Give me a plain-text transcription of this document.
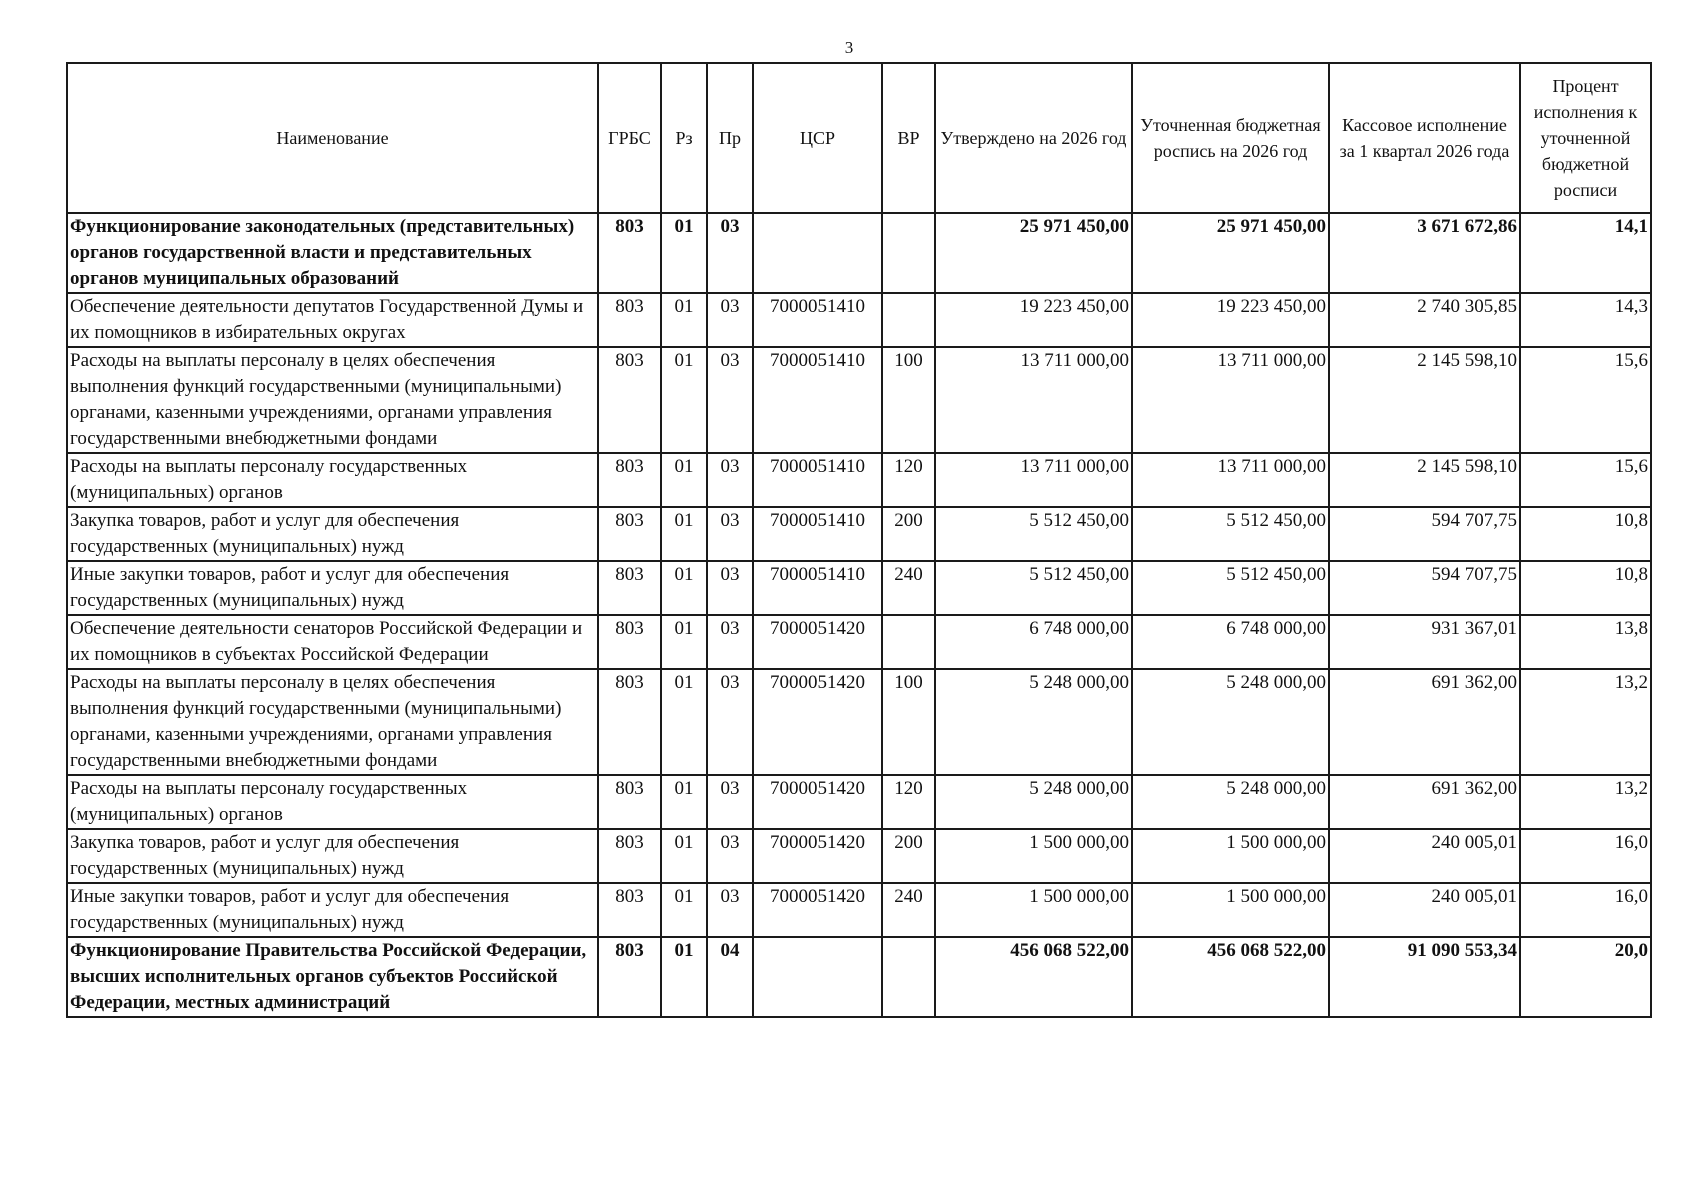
3
Наименование	ГРБС	Рз	Пр	ЦСР	ВР	Утверждено на 2026 год	Уточненная бюджетная роспись на 2026 год	Кассовое исполнение за 1 квартал 2026 года	Процент исполнения к уточненной бюджетной росписи
Функционирование законодательных (представительных) органов государственной власти и представительных органов муниципальных образований	803	01	03			25 971 450,00	25 971 450,00	3 671 672,86	14,1
Обеспечение деятельности депутатов Государственной Думы и их помощников в избирательных округах	803	01	03	7000051410		19 223 450,00	19 223 450,00	2 740 305,85	14,3
Расходы на выплаты персоналу в целях обеспечения выполнения функций государственными (муниципальными) органами, казенными учреждениями, органами управления государственными внебюджетными фондами	803	01	03	7000051410	100	13 711 000,00	13 711 000,00	2 145 598,10	15,6
Расходы на выплаты персоналу государственных (муниципальных) органов	803	01	03	7000051410	120	13 711 000,00	13 711 000,00	2 145 598,10	15,6
Закупка товаров, работ и услуг для обеспечения государственных (муниципальных) нужд	803	01	03	7000051410	200	5 512 450,00	5 512 450,00	594 707,75	10,8
Иные закупки товаров, работ и услуг для обеспечения государственных (муниципальных) нужд	803	01	03	7000051410	240	5 512 450,00	5 512 450,00	594 707,75	10,8
Обеспечение деятельности сенаторов Российской Федерации и их помощников в субъектах Российской Федерации	803	01	03	7000051420		6 748 000,00	6 748 000,00	931 367,01	13,8
Расходы на выплаты персоналу в целях обеспечения выполнения функций государственными (муниципальными) органами, казенными учреждениями, органами управления государственными внебюджетными фондами	803	01	03	7000051420	100	5 248 000,00	5 248 000,00	691 362,00	13,2
Расходы на выплаты персоналу государственных (муниципальных) органов	803	01	03	7000051420	120	5 248 000,00	5 248 000,00	691 362,00	13,2
Закупка товаров, работ и услуг для обеспечения государственных (муниципальных) нужд	803	01	03	7000051420	200	1 500 000,00	1 500 000,00	240 005,01	16,0
Иные закупки товаров, работ и услуг для обеспечения государственных (муниципальных) нужд	803	01	03	7000051420	240	1 500 000,00	1 500 000,00	240 005,01	16,0
Функционирование Правительства Российской Федерации, высших исполнительных органов субъектов Российской Федерации, местных администраций	803	01	04			456 068 522,00	456 068 522,00	91 090 553,34	20,0
